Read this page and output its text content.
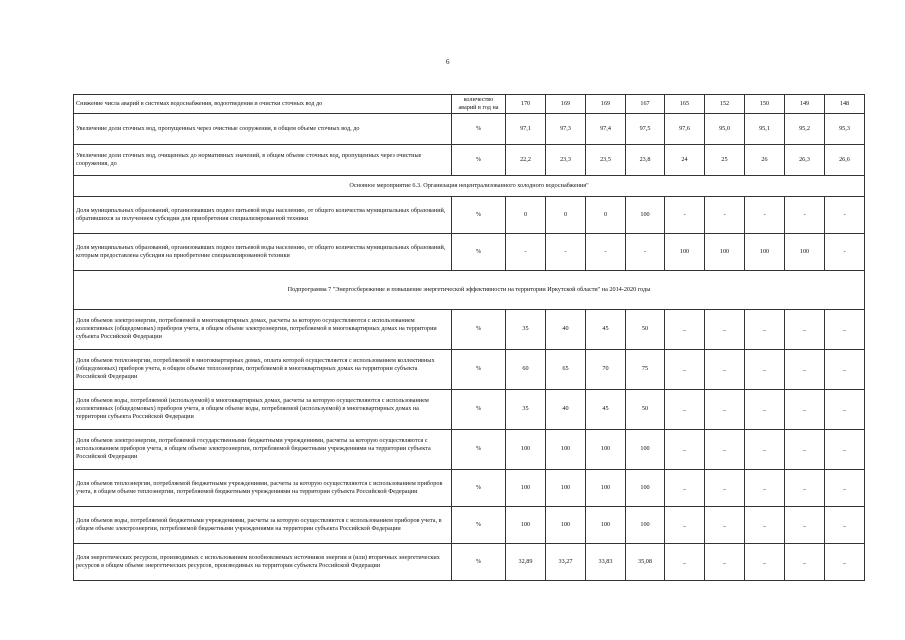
6
Снижение числа аварий в системах водоснабжения, водоотведения и очистки сточных вод до	количество аварий в год на	170	169	169	167	165	152	150	149	148
Увеличение доли сточных вод, пропущенных через очистные сооружения, в общем объеме сточных вод, до	%	97,1	97,3	97,4	97,5	97,6	95,0	95,1	95,2	95,3
Увеличение доли сточных вод, очищенных до нормативных значений, в общем объеме сточных вод, пропущенных через очистные сооружения, до	%	22,2	23,3	23,5	23,8	24	25	26	26,3	26,6
Основное мероприятие 6.3. Организация нецентрализованного холодного водоснабжения"										
Доля муниципальных образований, организовавших подвоз питьевой воды населению, от общего количества муниципальных образований, обратившихся за получением субсидии для приобретения специализированной техники	%	0	0	0	100	-	-	-	-	-
Доля муниципальных образований, организовавших подвоз питьевой воды населению, от общего количества муниципальных образований, которым предоставлена субсидия на приобретение специализированной техники	%	-	-	-	-	100	100	100	100	-
Подпрограмма 7 "Энергосбережение и повышение энергетической эффективности на территории Иркутской области" на 2014-2020 годы										
Доля объемов электроэнергии, потребляемой в многоквартирных домах, расчеты за которую осуществляются с использованием коллективных (общедомовых) приборов учета, в общем объеме электроэнергии, потребляемой в многоквартирных домах на территории субъекта Российской Федерации	%	35	40	45	50	_	_	_	_	_
Доля объемов теплоэнергии, потребляемой в многоквартирных домах, оплата которой осуществляется с использованием коллективных (общедомовых) приборов учета, в общем объеме теплоэнергии, потребляемой в многоквартирных домах на территории субъекта Российской Федерации	%	60	65	70	75	_	_	_	_	_
Доля объемов воды, потребляемой (используемой) в многоквартирных домах, расчеты за которую осуществляются с использованием коллективных (общедомовых) приборов учета, в общем объеме воды, потребляемой (используемой) в многоквартирных домах на территории субъекта Российской Федерации	%	35	40	45	50	_	_	_	_	_
Доля объемов электроэнергии, потребляемой государственными бюджетными учреждениями, расчеты за которую осуществляются с использованием приборов учета, в общем объеме электроэнергии, потребляемой бюджетными учреждениями на территории субъекта Российской Федерации	%	100	100	100	100	_	_	_	_	_
Доля объемов теплоэнергии, потребляемой бюджетными учреждениями, расчеты за которую осуществляются с использованием приборов учета, в общем объеме теплоэнергии, потребляемой бюджетными учреждениями на территории субъекта Российской Федерации	%	100	100	100	100	_	_	_	_	_
Доля объемов воды, потребляемой бюджетными учреждениями, расчеты за которую осуществляются с использованием приборов учета, в общем объеме электроэнергии, потребляемой бюджетными учреждениями на территории субъекта Российской Федерации	%	100	100	100	100	_	_	_	_	_
Доля энергетических ресурсов, производимых с использованием возобновляемых источников энергии и (или) вторичных энергетических ресурсов в общем объеме энергетических ресурсов, производимых на территории субъекта Российской Федерации	%	32,89	33,27	33,83	35,08	_	_	_	_	_
